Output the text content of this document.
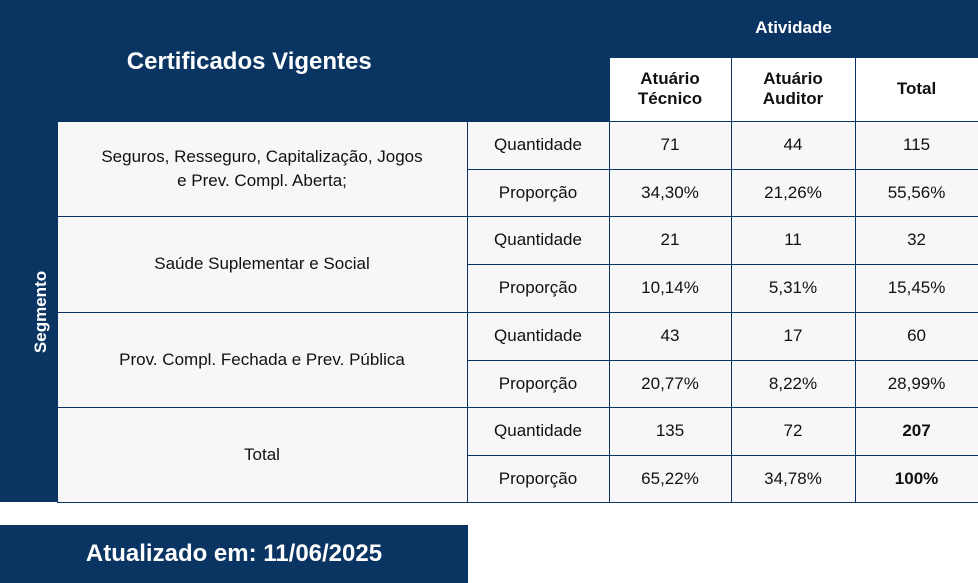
Certificados Vigentes			Atividade		
			Atuário Técnico	Atuário Auditor	Total
Segmento	Seguros, Resseguro, Capitalização, Jogos e Prev. Compl. Aberta;	Quantidade	71	44	115
		Proporção	34,30%	21,26%	55,56%
	Saúde Suplementar e Social	Quantidade	21	11	32
		Proporção	10,14%	5,31%	15,45%
	Prov. Compl. Fechada e Prev. Pública	Quantidade	43	17	60
		Proporção	20,77%	8,22%	28,99%
	Total	Quantidade	135	72	207
		Proporção	65,22%	34,78%	100%
Atualizado em: 11/06/2025
